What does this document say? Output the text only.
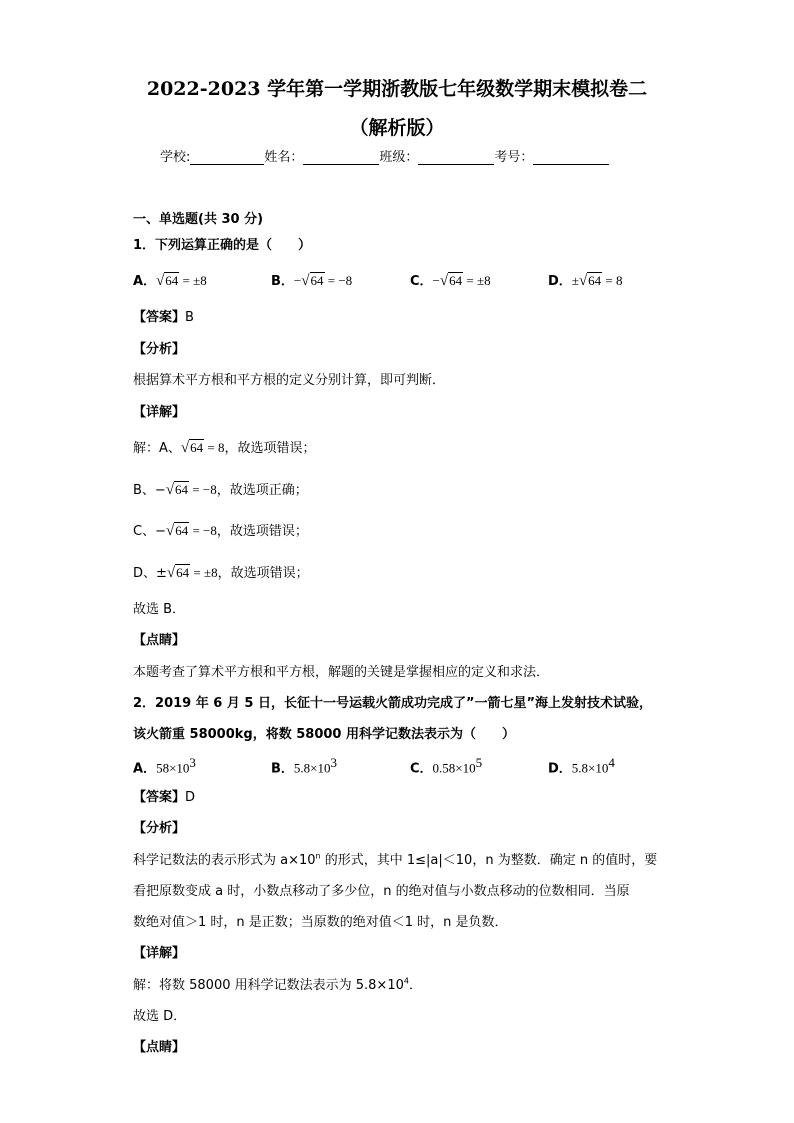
2022-2023 学年第一学期浙教版七年级数学期末模拟卷二
（解析版）
学校:	姓名：	班级：	考号：
一、单选题(共 30 分)
1．下列运算正确的是（　　）
A．√64 = ±8	B．−√64 = −8	C．−√64 = ±8	D．±√64 = 8
【答案】B
【分析】
根据算术平方根和平方根的定义分别计算，即可判断．
【详解】
解：A、√64 = 8，故选项错误；
B、−√64 = −8，故选项正确；
C、−√64 = −8，故选项错误；
D、±√64 = ±8，故选项错误；
故选 B．
【点睛】
本题考查了算术平方根和平方根，解题的关键是掌握相应的定义和求法．
2．2019 年 6 月 5 日，长征十一号运载火箭成功完成了”一箭七星”海上发射技术试验，
该火箭重 58000kg，将数 58000 用科学记数法表示为（　　）
A．$58\times 10^3$	B．$5.8\times 10^3$	C．$0.58\times 10^5$	D．$5.8\times 10^4$
【答案】D
【分析】
科学记数法的表示形式为 $a\times 10^n$ 的形式，其中 1≤|a|＜10，n 为整数．确定 n 的值时，要
看把原数变成 a 时，小数点移动了多少位，n 的绝对值与小数点移动的位数相同．当原
数绝对值＞1 时，n 是正数；当原数的绝对值＜1 时，n 是负数．
【详解】
解：将数 58000 用科学记数法表示为 $5.8\times 10^4$．
故选 D．
【点睛】
